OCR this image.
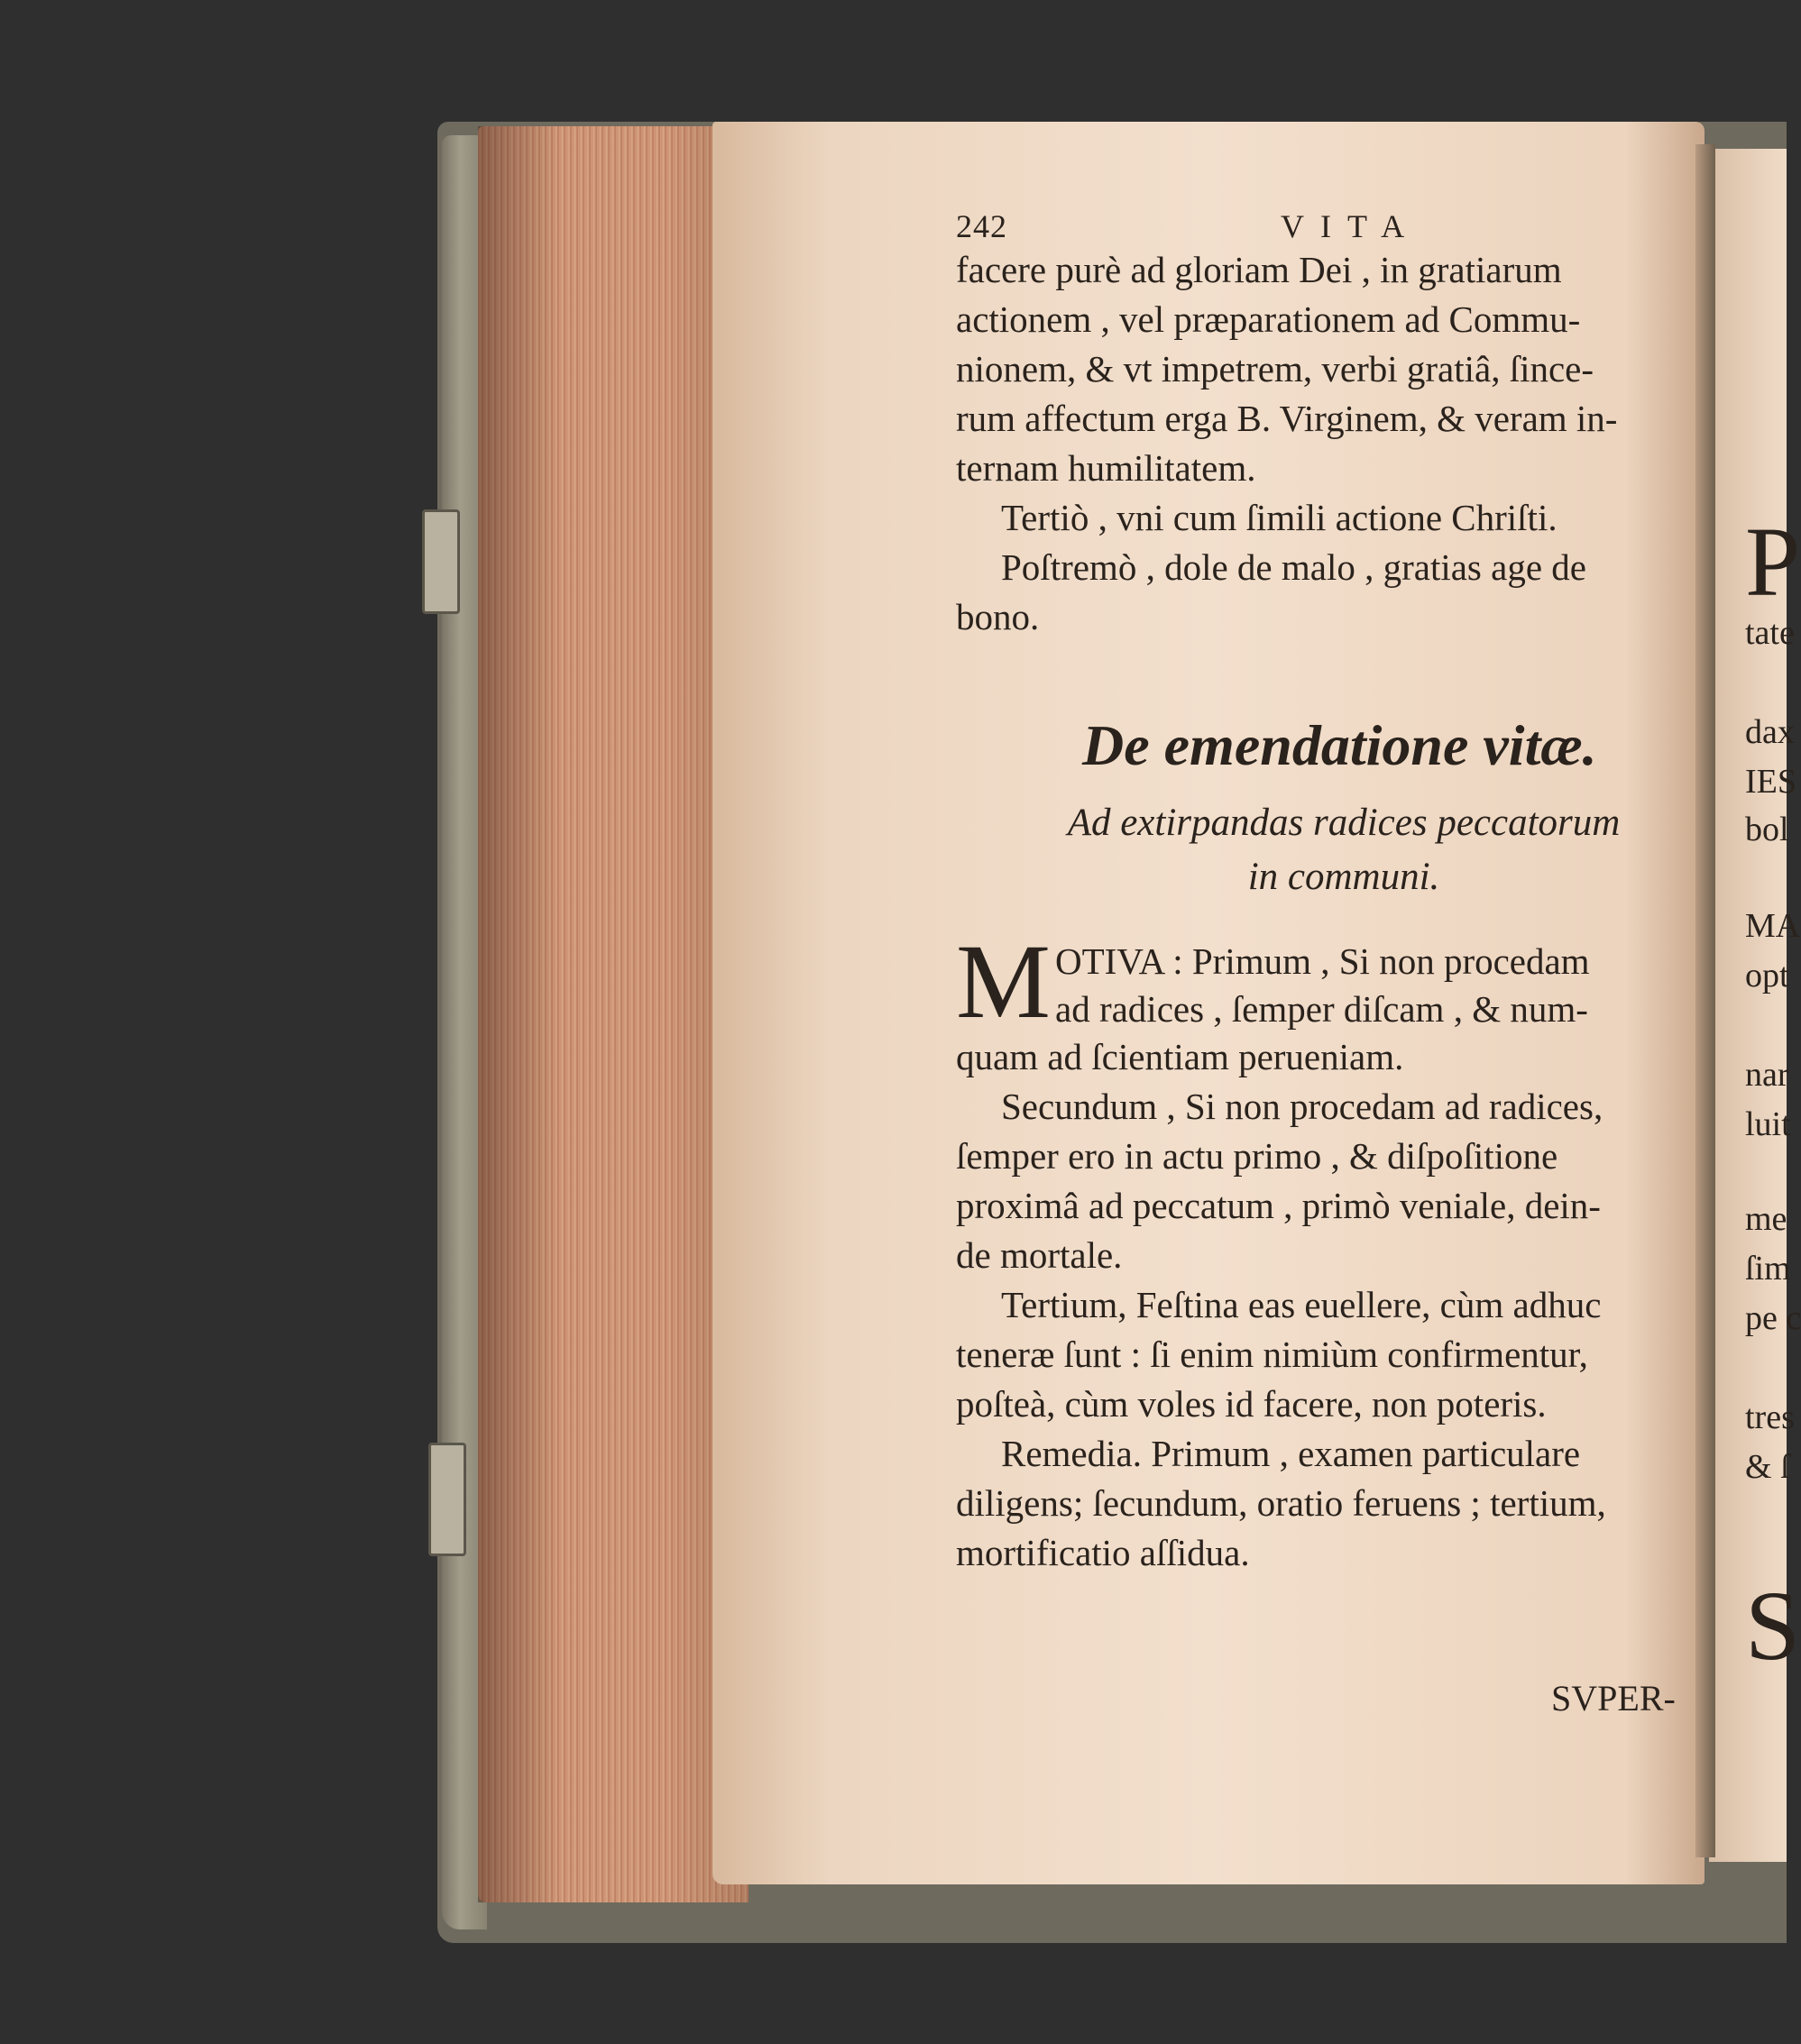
242	VITA
facere purè ad gloriam Dei , in gratiarum
actionem , vel præparationem ad Commu-
nionem, & vt impetrem, verbi gratiâ, ſince-
rum affectum erga B. Virginem, & veram in-
ternam humilitatem.
Tertiò , vni cum ſimili actione Chriſti.
Poſtremò , dole de malo , gratias age de
bono.
De emendatione vitæ.
Ad extirpandas radices peccatorum
in communi.
M OTIVA : Primum , Si non procedam
ad radices , ſemper diſcam , & num-
quam ad ſcientiam perueniam.
Secundum , Si non procedam ad radices,
ſemper ero in actu primo , & diſpoſitione
proximâ ad peccatum , primò veniale, dein-
de mortale.
Tertium, Feſtina eas euellere, cùm adhuc
teneræ ſunt : ſi enim nimiùm confirmentur,
poſteà, cùm voles id facere, non poteris.
Remedia. Primum , examen particulare
diligens; ſecundum, oratio feruens ; tertium,
mortificatio aſſidua.
SVPER-
P
tate
dax
IES
bol
MA
opt
nar
luit
me
ſim
pe c
tres
& ſ
S
